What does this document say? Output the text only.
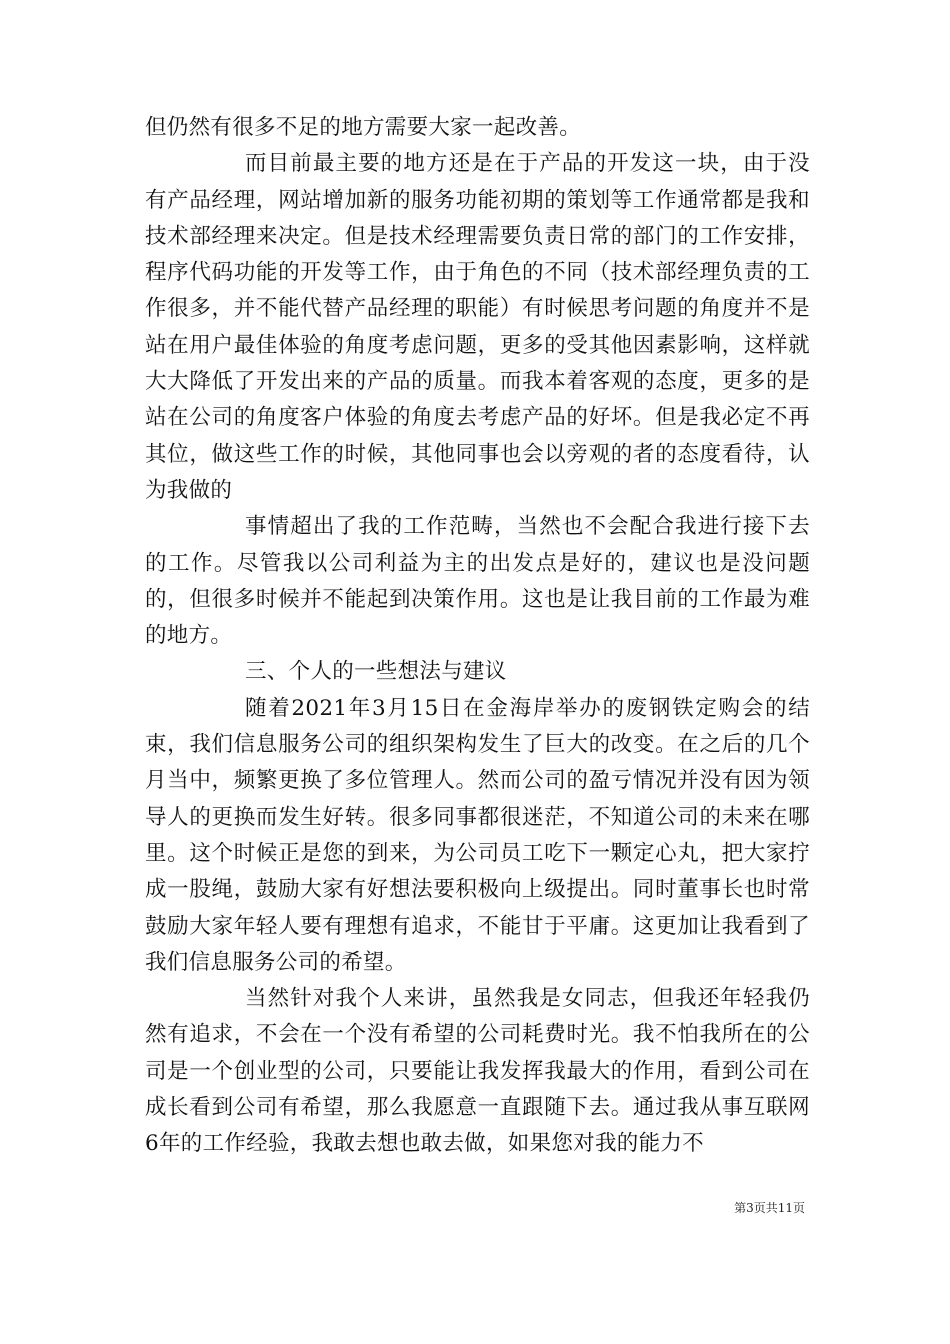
但仍然有很多不足的地方需要大家一起改善。

而目前最主要的地方还是在于产品的开发这一块，由于没有产品经理，网站增加新的服务功能初期的策划等工作通常都是我和技术部经理来决定。但是技术经理需要负责日常的部门的工作安排，程序代码功能的开发等工作，由于角色的不同（技术部经理负责的工作很多，并不能代替产品经理的职能）有时候思考问题的角度并不是站在用户最佳体验的角度考虑问题，更多的受其他因素影响，这样就大大降低了开发出来的产品的质量。而我本着客观的态度，更多的是站在公司的角度客户体验的角度去考虑产品的好坏。但是我必定不再其位，做这些工作的时候，其他同事也会以旁观的者的态度看待，认为我做的

事情超出了我的工作范畴，当然也不会配合我进行接下去的工作。尽管我以公司利益为主的出发点是好的，建议也是没问题的，但很多时候并不能起到决策作用。这也是让我目前的工作最为难的地方。

三、个人的一些想法与建议

随着2021年3月15日在金海岸举办的废钢铁定购会的结束，我们信息服务公司的组织架构发生了巨大的改变。在之后的几个月当中，频繁更换了多位管理人。然而公司的盈亏情况并没有因为领导人的更换而发生好转。很多同事都很迷茫，不知道公司的未来在哪里。这个时候正是您的到来，为公司员工吃下一颗定心丸，把大家拧成一股绳，鼓励大家有好想法要积极向上级提出。同时董事长也时常鼓励大家年轻人要有理想有追求，不能甘于平庸。这更加让我看到了我们信息服务公司的希望。

当然针对我个人来讲，虽然我是女同志，但我还年轻我仍然有追求，不会在一个没有希望的公司耗费时光。我不怕我所在的公司是一个创业型的公司，只要能让我发挥我最大的作用，看到公司在成长看到公司有希望，那么我愿意一直跟随下去。通过我从事互联网6年的工作经验，我敢去想也敢去做，如果您对我的能力不

第3页共11页
